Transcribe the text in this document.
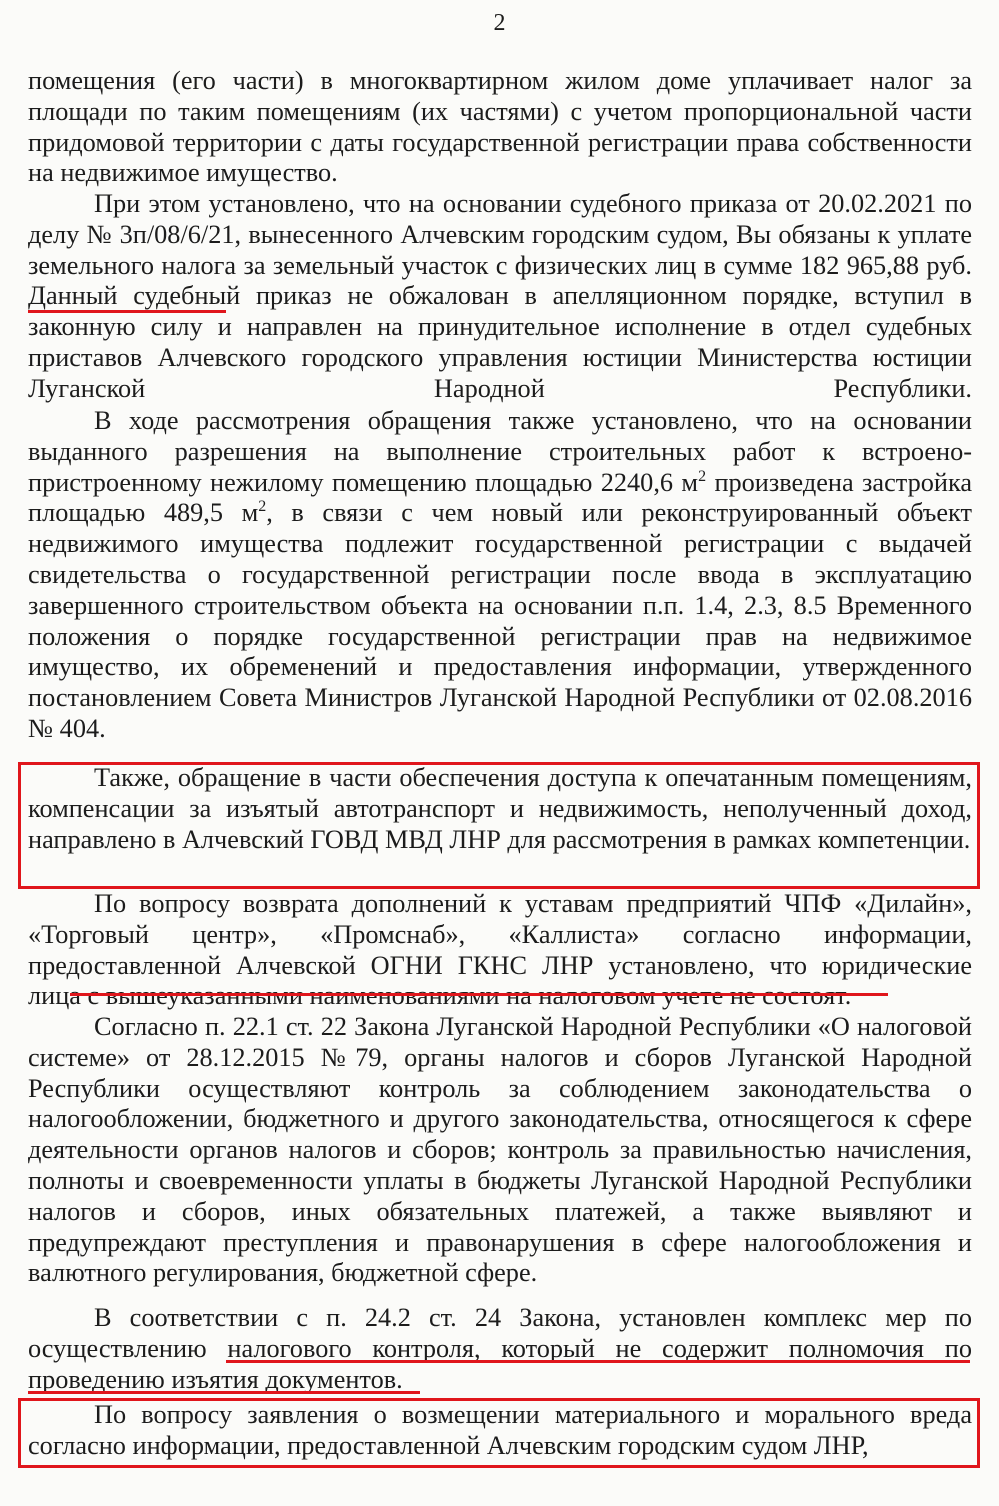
2

помещения (его части) в многоквартирном жилом доме уплачивает налог за площади по таким помещениям (их частями) с учетом пропорциональной части придомовой территории с даты государственной регистрации права собственности на недвижимое имущество.

При этом установлено, что на основании судебного приказа от 20.02.2021 по делу № 3п/08/6/21, вынесенного Алчевским городским судом, Вы обязаны к уплате земельного налога за земельный участок с физических лиц в сумме 182 965,88 руб. Данный судебный приказ не обжалован в апелляционном порядке, вступил в законную силу и направлен на принудительное исполнение в отдел судебных приставов Алчевского городского управления юстиции Министерства юстиции Луганской Народной Республики.

В ходе рассмотрения обращения также установлено, что на основании выданного разрешения на выполнение строительных работ к встроено-пристроенному нежилому помещению площадью 2240,6 $м^2$ произведена застройка площадью 489,5 $м^2$, в связи с чем новый или реконструированный объект недвижимого имущества подлежит государственной регистрации с выдачей свидетельства о государственной регистрации после ввода в эксплуатацию завершенного строительством объекта на основании п.п. 1.4, 2.3, 8.5 Временного положения о порядке государственной регистрации прав на недвижимое имущество, их обременений и предоставления информации, утвержденного постановлением Совета Министров Луганской Народной Республики от 02.08.2016 № 404.

Также, обращение в части обеспечения доступа к опечатанным помещениям, компенсации за изъятый автотранспорт и недвижимость, неполученный доход, направлено в Алчевский ГОВД МВД ЛНР для рассмотрения в рамках компетенции.

По вопросу возврата дополнений к уставам предприятий ЧПФ «Дилайн», «Торговый центр», «Промснаб», «Каллиста» согласно информации, предоставленной Алчевской ОГНИ ГКНС ЛНР установлено, что юридические лица с вышеуказанными наименованиями на налоговом учете не состоят.

Согласно п. 22.1 ст. 22 Закона Луганской Народной Республики «О налоговой системе» от 28.12.2015 №79, органы налогов и сборов Луганской Народной Республики осуществляют контроль за соблюдением законодательства о налогообложении, бюджетного и другого законодательства, относящегося к сфере деятельности органов налогов и сборов; контроль за правильностью начисления, полноты и своевременности уплаты в бюджеты Луганской Народной Республики налогов и сборов, иных обязательных платежей, а также выявляют и предупреждают преступления и правонарушения в сфере налогообложения и валютного регулирования, бюджетной сфере.

В соответствии с п. 24.2 ст. 24 Закона, установлен комплекс мер по осуществлению налогового контроля, который не содержит полномочия по проведению изъятия документов.

По вопросу заявления о возмещении материального и морального вреда согласно информации, предоставленной Алчевским городским судом ЛНР,
